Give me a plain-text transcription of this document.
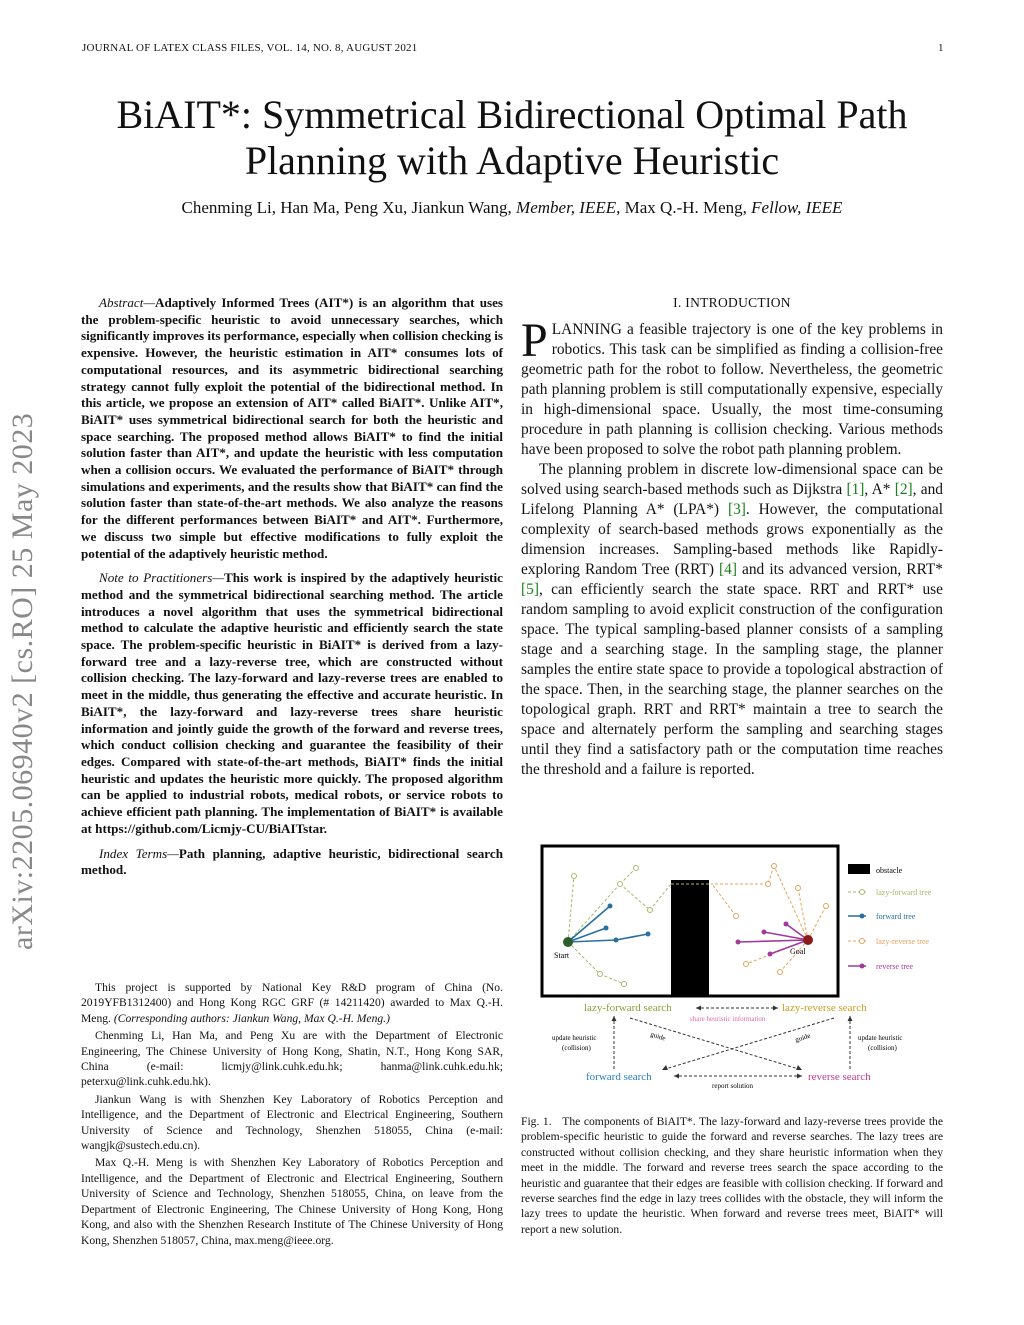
JOURNAL OF LATEX CLASS FILES, VOL. 14, NO. 8, AUGUST 2021	1
BiAIT*: Symmetrical Bidirectional Optimal Path
Planning with Adaptive Heuristic
Chenming Li, Han Ma, Peng Xu, Jiankun Wang, Member, IEEE, Max Q.-H. Meng, Fellow, IEEE
arXiv:2205.06940v2 [cs.RO] 25 May 2023

Abstract—Adaptively Informed Trees (AIT*) is an algorithm that uses the problem-specific heuristic to avoid unnecessary searches, which significantly improves its performance, especially when collision checking is expensive. However, the heuristic estimation in AIT* consumes lots of computational resources, and its asymmetric bidirectional searching strategy cannot fully exploit the potential of the bidirectional method. In this article, we propose an extension of AIT* called BiAIT*. Unlike AIT*, BiAIT* uses symmetrical bidirectional search for both the heuristic and space searching. The proposed method allows BiAIT* to find the initial solution faster than AIT*, and update the heuristic with less computation when a collision occurs. We evaluated the performance of BiAIT* through simulations and experiments, and the results show that BiAIT* can find the solution faster than state-of-the-art methods. We also analyze the reasons for the different performances between BiAIT* and AIT*. Furthermore, we discuss two simple but effective modifications to fully exploit the potential of the adaptively heuristic method.

Note to Practitioners—This work is inspired by the adaptively heuristic method and the symmetrical bidirectional searching method. The article introduces a novel algorithm that uses the symmetrical bidirectional method to calculate the adaptive heuristic and efficiently search the state space. The problem-specific heuristic in BiAIT* is derived from a lazy-forward tree and a lazy-reverse tree, which are constructed without collision checking. The lazy-forward and lazy-reverse trees are enabled to meet in the middle, thus generating the effective and accurate heuristic. In BiAIT*, the lazy-forward and lazy-reverse trees share heuristic information and jointly guide the growth of the forward and reverse trees, which conduct collision checking and guarantee the feasibility of their edges. Compared with state-of-the-art methods, BiAIT* finds the initial heuristic and updates the heuristic more quickly. The proposed algorithm can be applied to industrial robots, medical robots, or service robots to achieve efficient path planning. The implementation of BiAIT* is available at https://github.com/Licmjy-CU/BiAITstar.

Index Terms—Path planning, adaptive heuristic, bidirectional search method.

This project is supported by National Key R&D program of China (No. 2019YFB1312400) and Hong Kong RGC GRF (# 14211420) awarded to Max Q.-H. Meng. (Corresponding authors: Jiankun Wang, Max Q.-H. Meng.)

Chenming Li, Han Ma, and Peng Xu are with the Department of Electronic Engineering, The Chinese University of Hong Kong, Shatin, N.T., Hong Kong SAR, China (e-mail: licmjy@link.cuhk.edu.hk; hanma@link.cuhk.edu.hk; peterxu@link.cuhk.edu.hk).

Jiankun Wang is with Shenzhen Key Laboratory of Robotics Perception and Intelligence, and the Department of Electronic and Electrical Engineering, Southern University of Science and Technology, Shenzhen 518055, China (e-mail: wangjk@sustech.edu.cn).

Max Q.-H. Meng is with Shenzhen Key Laboratory of Robotics Perception and Intelligence, and the Department of Electronic and Electrical Engineering, Southern University of Science and Technology, Shenzhen 518055, China, on leave from the Department of Electronic Engineering, The Chinese University of Hong Kong, Hong Kong, and also with the Shenzhen Research Institute of The Chinese University of Hong Kong, Shenzhen 518057, China, max.meng@ieee.org.

I. INTRODUCTION

PLANNING a feasible trajectory is one of the key problems in robotics. This task can be simplified as finding a collision-free geometric path for the robot to follow. Nevertheless, the geometric path planning problem is still computationally expensive, especially in high-dimensional space. Usually, the most time-consuming procedure in path planning is collision checking. Various methods have been proposed to solve the robot path planning problem.

The planning problem in discrete low-dimensional space can be solved using search-based methods such as Dijkstra [1], A* [2], and Lifelong Planning A* (LPA*) [3]. However, the computational complexity of search-based methods grows exponentially as the dimension increases. Sampling-based methods like Rapidly-exploring Random Tree (RRT) [4] and its advanced version, RRT* [5], can efficiently search the state space. RRT and RRT* use random sampling to avoid explicit construction of the configuration space. The typical sampling-based planner consists of a sampling stage and a searching stage. In the sampling stage, the planner samples the entire state space to provide a topological abstraction of the space. Then, in the searching stage, the planner searches on the topological graph. RRT and RRT* maintain a tree to search the space and alternately perform the sampling and searching stages until they find a satisfactory path or the computation time reaches the threshold and a failure is reported.

Start	Goal
obstacle
lazy-forward tree
forward tree
lazy-reverse tree
reverse tree
lazy-forward search	lazy-reverse search
share heuristic information
update heuristic
(collision)
update heuristic
(collision)
guide	guide
forward search	reverse search
report solution

Fig. 1. The components of BiAIT*. The lazy-forward and lazy-reverse trees provide the problem-specific heuristic to guide the forward and reverse searches. The lazy trees are constructed without collision checking, and they share heuristic information when they meet in the middle. The forward and reverse trees search the space according to the heuristic and guarantee that their edges are feasible with collision checking. If forward and reverse searches find the edge in lazy trees collides with the obstacle, they will inform the lazy trees to update the heuristic. When forward and reverse trees meet, BiAIT* will report a new solution.
